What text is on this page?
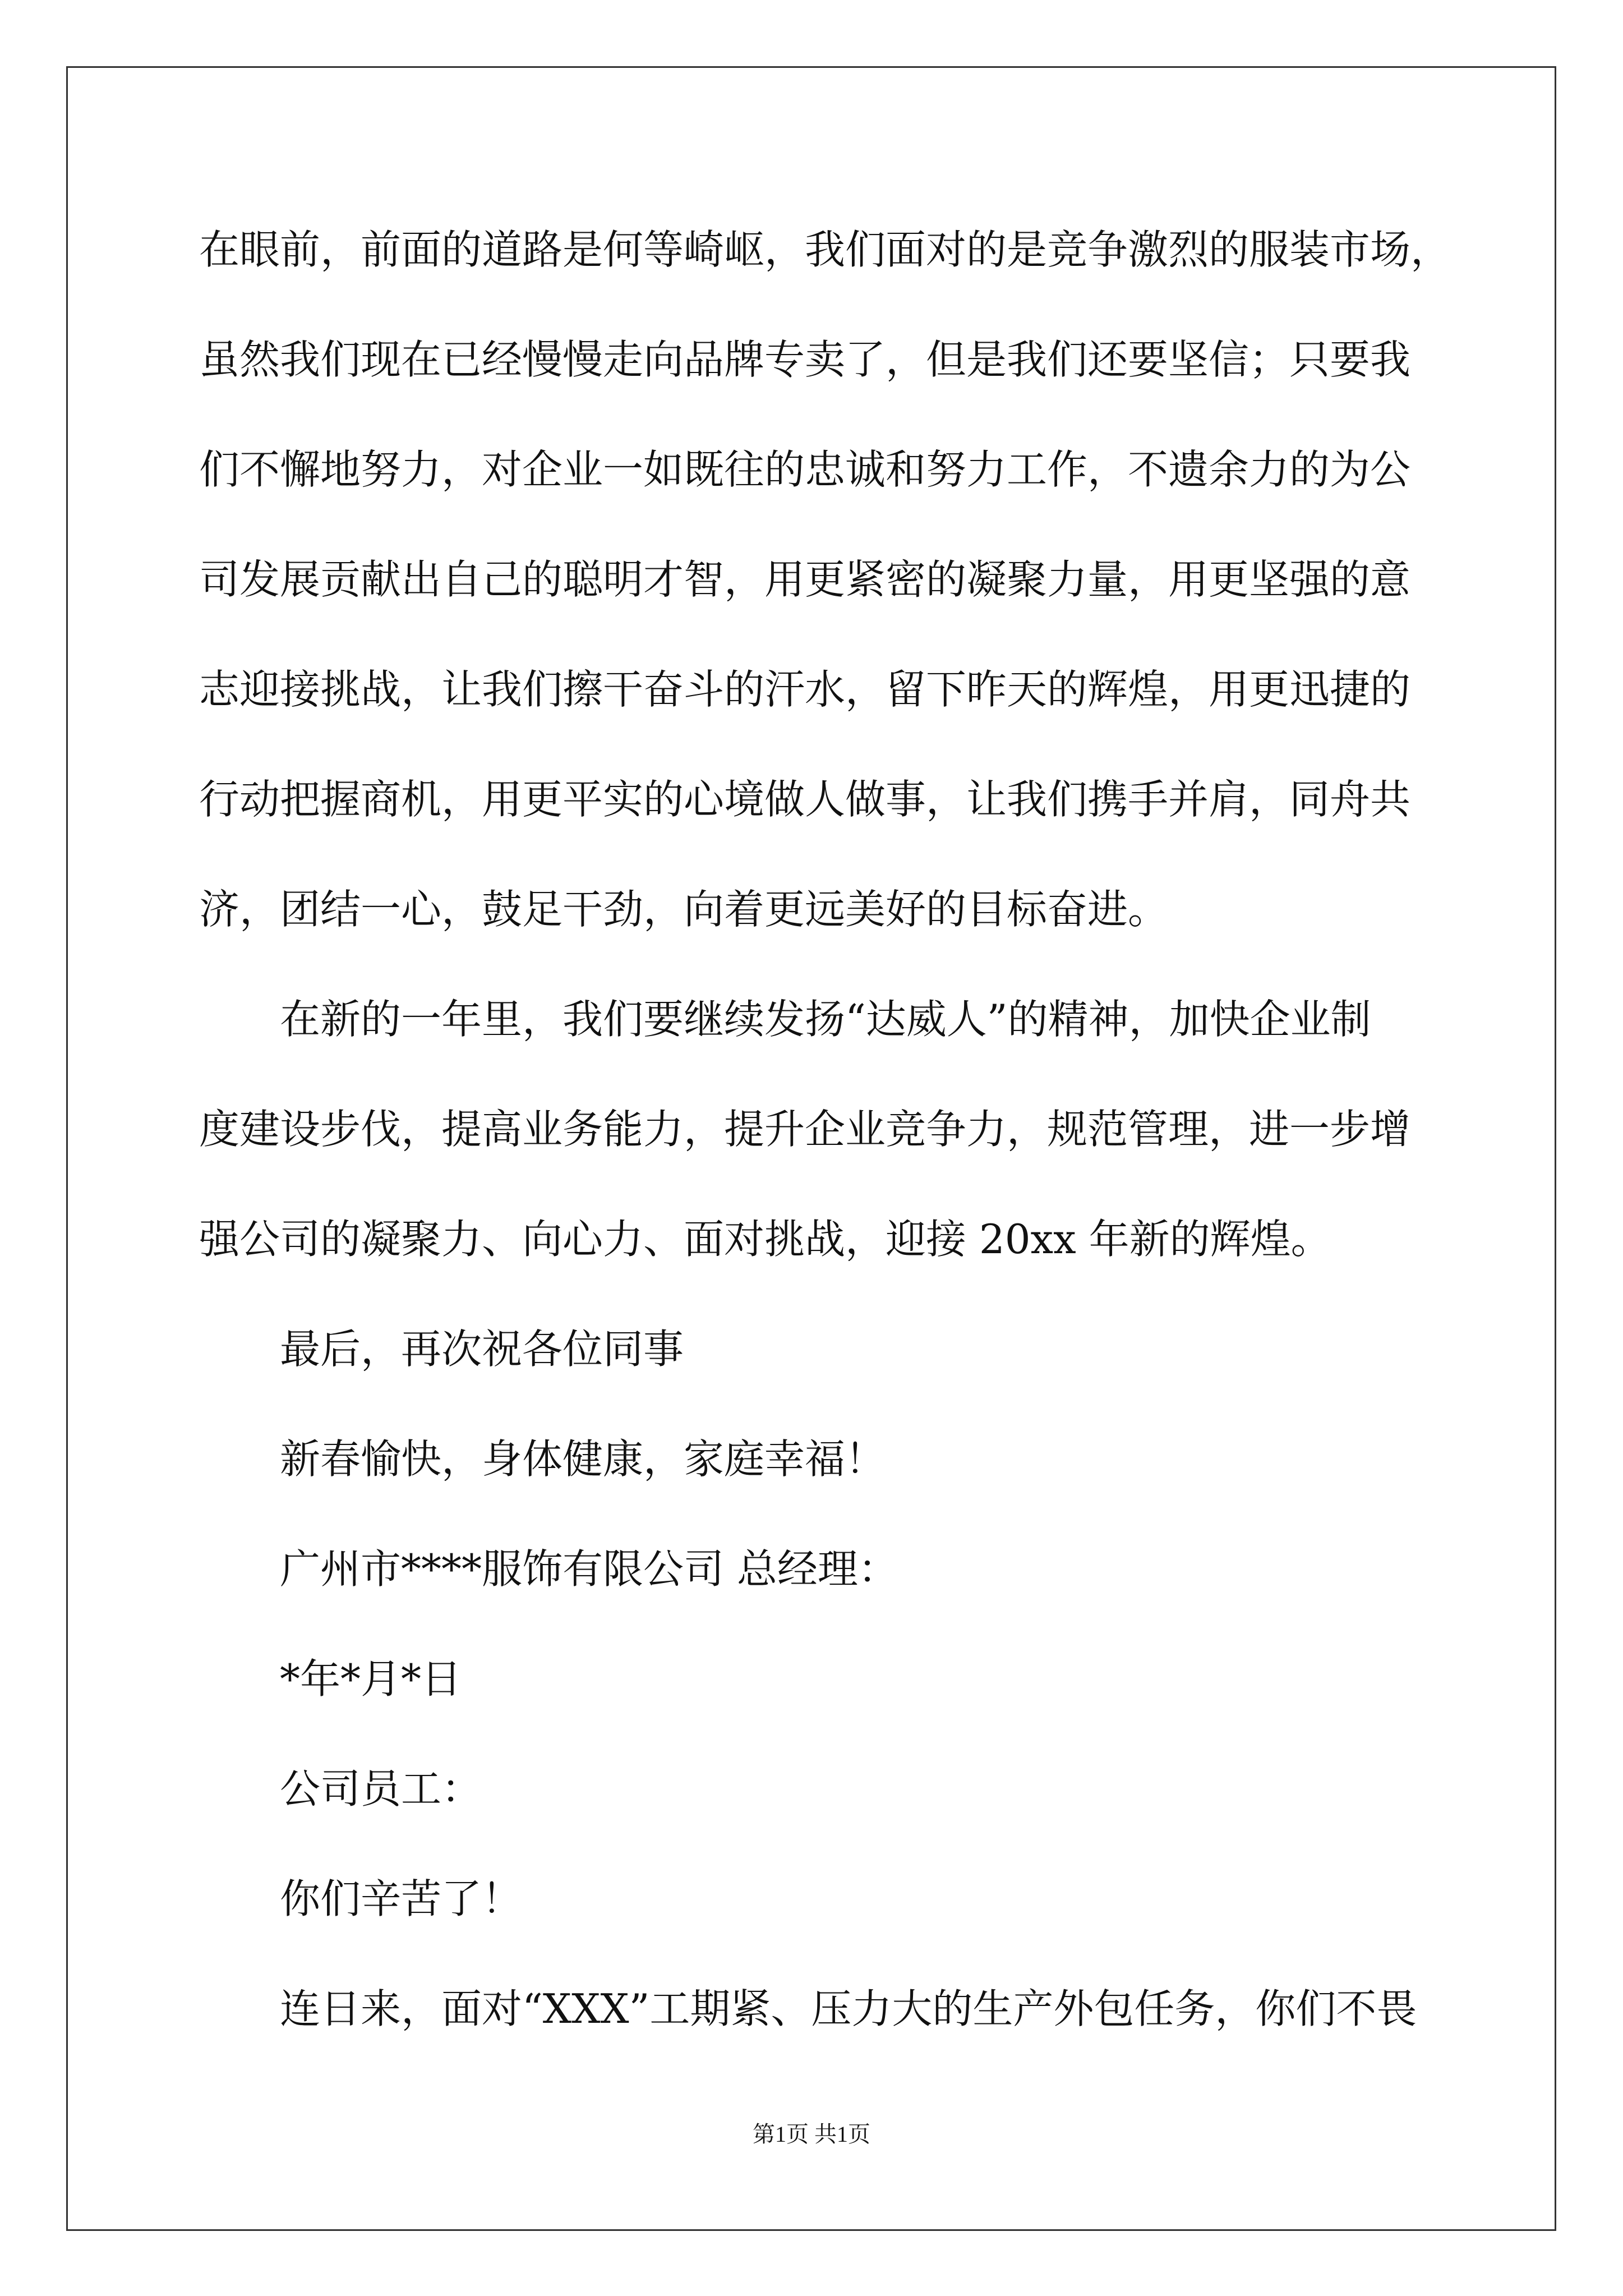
在眼前，前面的道路是何等崎岖，我们面对的是竞争激烈的服装市场，

虽然我们现在已经慢慢走向品牌专卖了，但是我们还要坚信；只要我

们不懈地努力，对企业一如既往的忠诚和努力工作，不遗余力的为公

司发展贡献出自己的聪明才智，用更紧密的凝聚力量，用更坚强的意

志迎接挑战，让我们擦干奋斗的汗水，留下昨天的辉煌，用更迅捷的

行动把握商机，用更平实的心境做人做事，让我们携手并肩，同舟共

济，团结一心，鼓足干劲，向着更远美好的目标奋进。

在新的一年里，我们要继续发扬“达威人”的精神，加快企业制

度建设步伐，提高业务能力，提升企业竞争力，规范管理，进一步增

强公司的凝聚力、向心力、面对挑战，迎接 20xx 年新的辉煌。

最后，再次祝各位同事

新春愉快，身体健康，家庭幸福！

广州市****服饰有限公司 总经理：

*年*月*日

公司员工：

你们辛苦了！

连日来，面对“XXX”工期紧、压力大的生产外包任务，你们不畏

第1页 共1页
